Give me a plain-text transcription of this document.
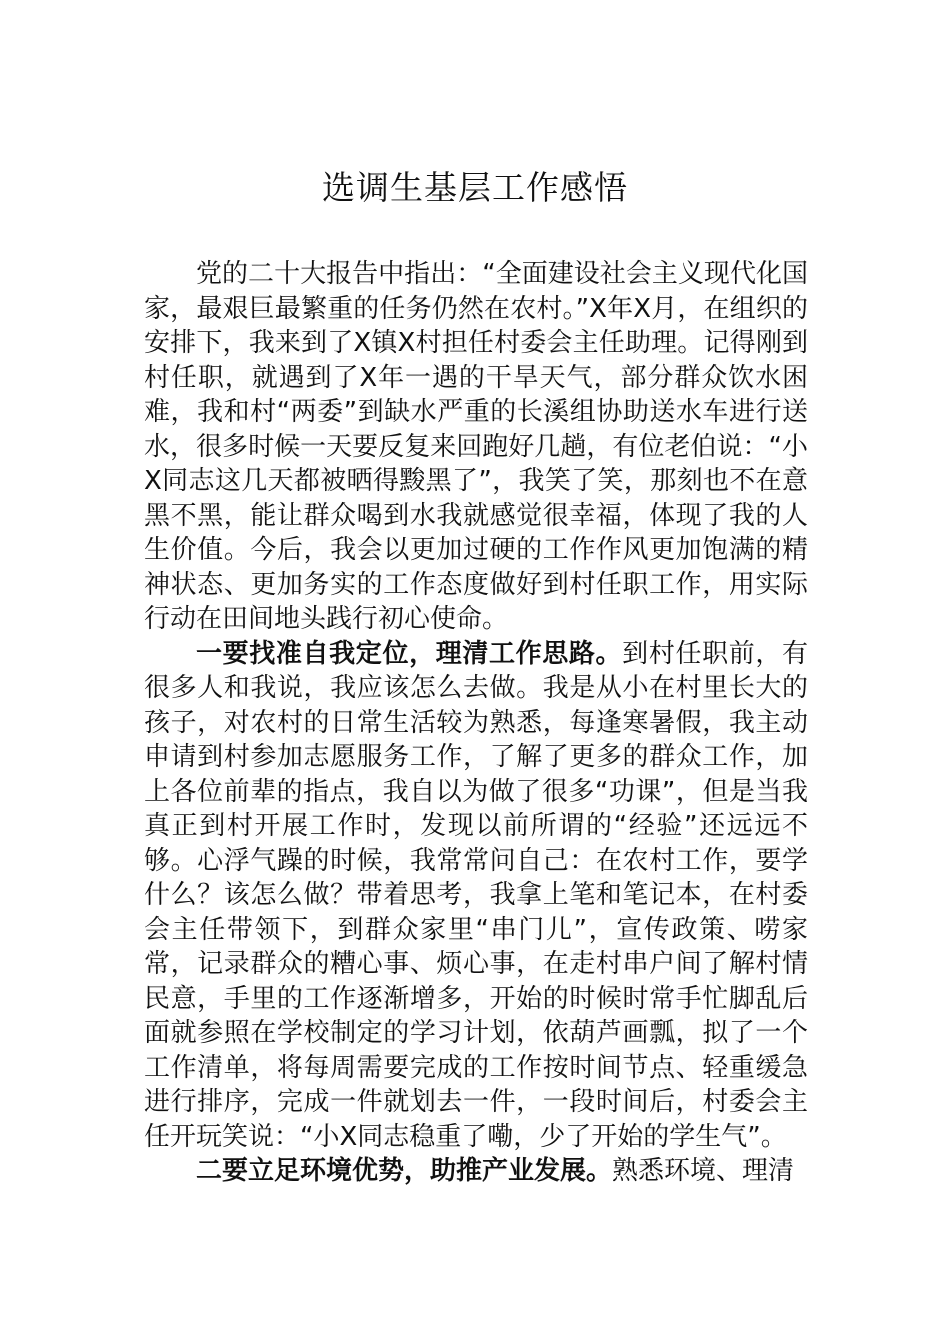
选调生基层工作感悟

党的二十大报告中指出：“全面建设社会主义现代化国家，最艰巨最繁重的任务仍然在农村。”X年X月，在组织的安排下，我来到了X镇X村担任村委会主任助理。记得刚到村任职，就遇到了X年一遇的干旱天气，部分群众饮水困难，我和村“两委”到缺水严重的长溪组协助送水车进行送水，很多时候一天要反复来回跑好几趟，有位老伯说：“小X同志这几天都被晒得黢黑了”，我笑了笑，那刻也不在意黑不黑，能让群众喝到水我就感觉很幸福，体现了我的人生价值。今后，我会以更加过硬的工作作风更加饱满的精神状态、更加务实的工作态度做好到村任职工作，用实际行动在田间地头践行初心使命。

一要找准自我定位，理清工作思路。到村任职前，有很多人和我说，我应该怎么去做。我是从小在村里长大的孩子，对农村的日常生活较为熟悉，每逢寒暑假，我主动申请到村参加志愿服务工作，了解了更多的群众工作，加上各位前辈的指点，我自以为做了很多“功课”，但是当我真正到村开展工作时，发现以前所谓的“经验”还远远不够。心浮气躁的时候，我常常问自己：在农村工作，要学什么？该怎么做？带着思考，我拿上笔和笔记本，在村委会主任带领下，到群众家里“串门儿”，宣传政策、唠家常，记录群众的糟心事、烦心事，在走村串户间了解村情民意，手里的工作逐渐增多，开始的时候时常手忙脚乱后面就参照在学校制定的学习计划，依葫芦画瓢，拟了一个工作清单，将每周需要完成的工作按时间节点、轻重缓急进行排序，完成一件就划去一件，一段时间后，村委会主任开玩笑说：“小X同志稳重了嘞，少了开始的学生气”。

二要立足环境优势，助推产业发展。熟悉环境、理清
